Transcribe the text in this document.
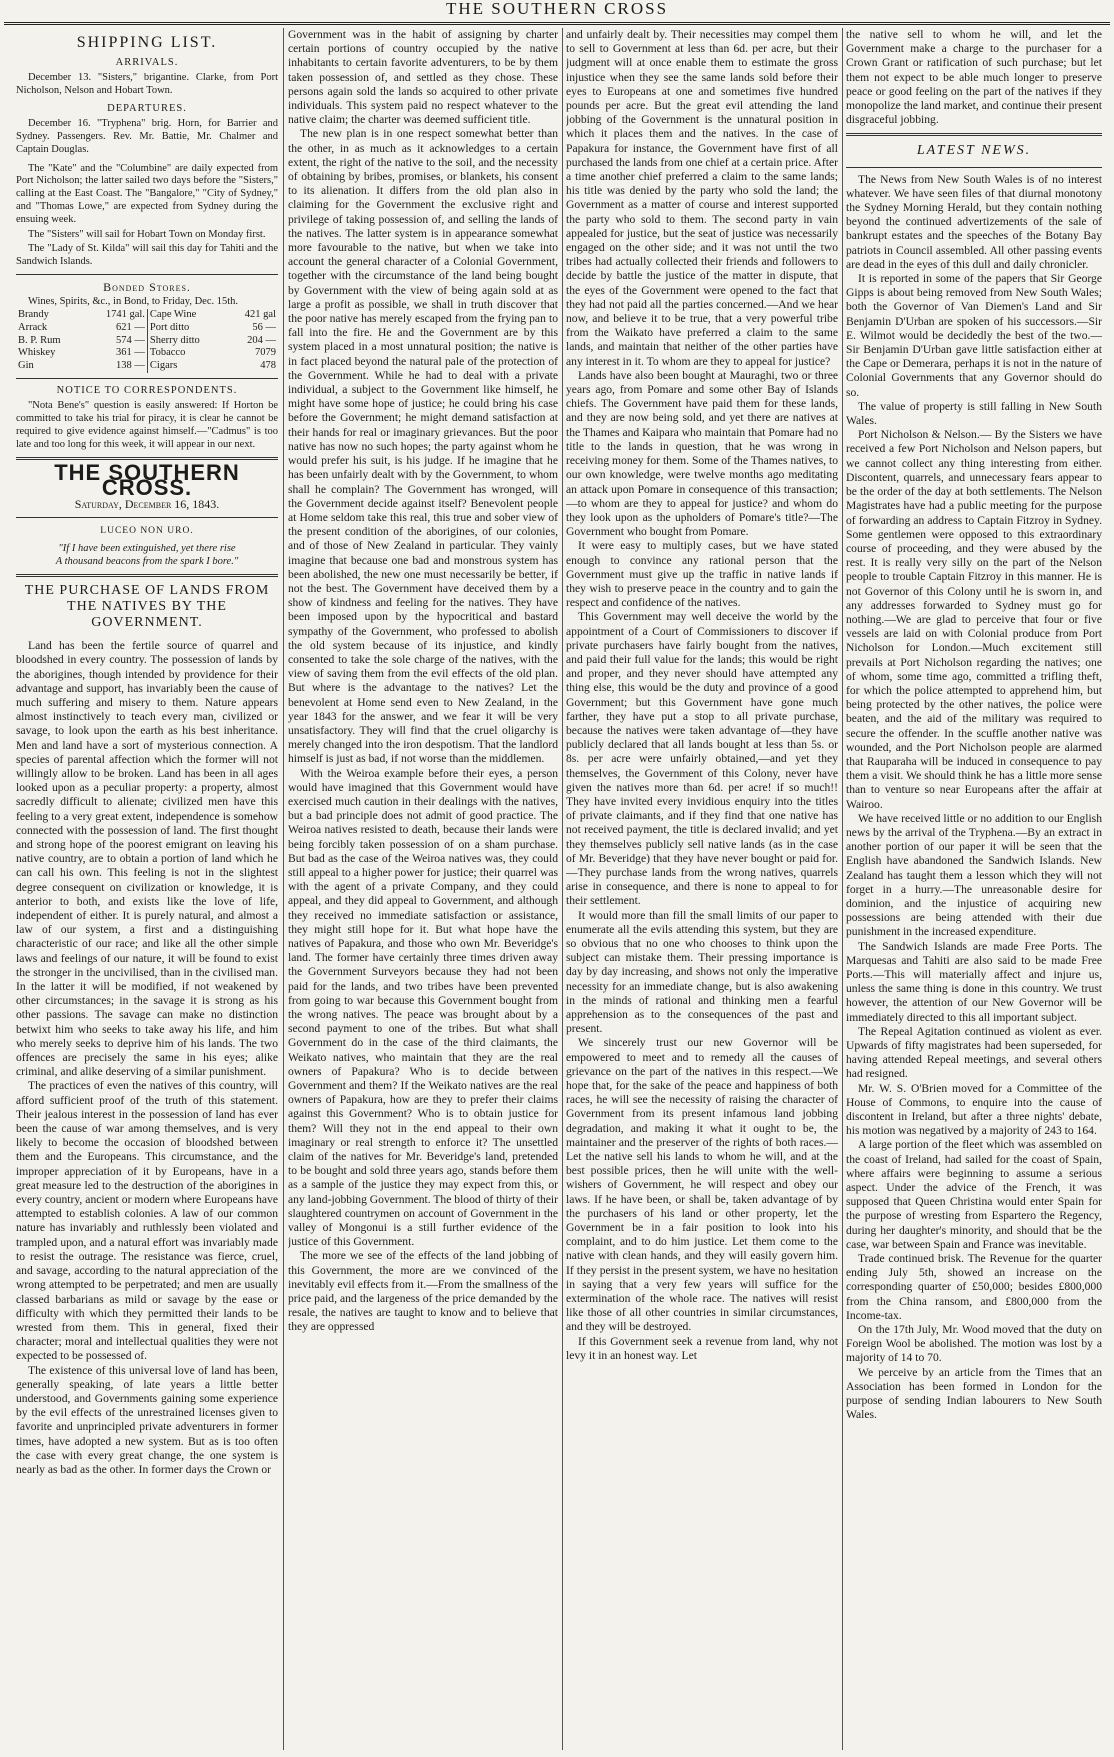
THE SOUTHERN CROSS
SHIPPING LIST.
ARRIVALS.

December 13. "Sisters," brigantine. Clarke, from Port Nicholson, Nelson and Hobart Town.

DEPARTURES.

December 16. "Tryphena" brig. Horn, for Barrier and Sydney. Passengers. Rev. Mr. Battie, Mr. Chalmer and Captain Douglas.

The "Kate" and the "Columbine" are daily expected from Port Nicholson; the latter sailed two days before the "Sisters," calling at the East Coast. The "Bangalore," "City of Sydney," and "Thomas Lowe," are expected from Sydney during the ensuing week.

The "Sisters" will sail for Hobart Town on Monday first.

The "Lady of St. Kilda" will sail this day for Tahiti and the Sandwich Islands.

Bonded Stores.

Wines, Spirits, &c., in Bond, to Friday, Dec. 15th.

Brandy	1741 gal.	Cape Wine	421 gal
Arrack	621 —	Port ditto	56 —
B. P. Rum	574 —	Sherry ditto	204 —
Whiskey	361 —	Tobacco	7079
Gin	138 —	Cigars	478
NOTICE TO CORRESPONDENTS.

"Nota Bene's" question is easily answered: If Horton be committed to take his trial for piracy, it is clear he cannot be required to give evidence against himself.—"Cadmus" is too late and too long for this week, it will appear in our next.

THE SOUTHERN CROSS.
Saturday, December 16, 1843.
LUCEO NON URO.
"If I have been extinguished, yet there rise
A thousand beacons from the spark I bore."
THE PURCHASE OF LANDS FROM THE NATIVES BY THE GOVERNMENT.

Land has been the fertile source of quarrel and bloodshed in every country. The possession of lands by the aborigines, though intended by providence for their advantage and support, has invariably been the cause of much suffering and misery to them. Nature appears almost instinctively to teach every man, civilized or savage, to look upon the earth as his best inheritance. Men and land have a sort of mysterious connection. A species of parental affection which the former will not willingly allow to be broken. Land has been in all ages looked upon as a peculiar property: a property, almost sacredly difficult to alienate; civilized men have this feeling to a very great extent, independence is somehow connected with the possession of land. The first thought and strong hope of the poorest emigrant on leaving his native country, are to obtain a portion of land which he can call his own. This feeling is not in the slightest degree consequent on civilization or knowledge, it is anterior to both, and exists like the love of life, independent of either. It is purely natural, and almost a law of our system, a first and a distinguishing characteristic of our race; and like all the other simple laws and feelings of our nature, it will be found to exist the stronger in the uncivilised, than in the civilised man. In the latter it will be modified, if not weakened by other circumstances; in the savage it is strong as his other passions. The savage can make no distinction betwixt him who seeks to take away his life, and him who merely seeks to deprive him of his lands. The two offences are precisely the same in his eyes; alike criminal, and alike deserving of a similar punishment.

The practices of even the natives of this country, will afford sufficient proof of the truth of this statement. Their jealous interest in the possession of land has ever been the cause of war among themselves, and is very likely to become the occasion of bloodshed between them and the Europeans. This circumstance, and the improper appreciation of it by Europeans, have in a great measure led to the destruction of the aborigines in every country, ancient or modern where Europeans have attempted to establish colonies. A law of our common nature has invariably and ruthlessly been violated and trampled upon, and a natural effort was invariably made to resist the outrage. The resistance was fierce, cruel, and savage, according to the natural appreciation of the wrong attempted to be perpetrated; and men are usually classed barbarians as mild or savage by the ease or difficulty with which they permitted their lands to be wrested from them. This in general, fixed their character; moral and intellectual qualities they were not expected to be possessed of.

The existence of this universal love of land has been, generally speaking, of late years a little better understood, and Governments gaining some experience by the evil effects of the unrestrained licenses given to favorite and unprincipled private adventurers in former times, have adopted a new system. But as is too often the case with every great change, the one system is nearly as bad as the other. In former days the Crown or

Government was in the habit of assigning by charter certain portions of country occupied by the native inhabitants to certain favorite adventurers, to be by them taken possession of, and settled as they chose. These persons again sold the lands so acquired to other private individuals. This system paid no respect whatever to the native claim; the charter was deemed sufficient title.

The new plan is in one respect somewhat better than the other, in as much as it acknowledges to a certain extent, the right of the native to the soil, and the necessity of obtaining by bribes, promises, or blankets, his consent to its alienation. It differs from the old plan also in claiming for the Government the exclusive right and privilege of taking possession of, and selling the lands of the natives. The latter system is in appearance somewhat more favourable to the native, but when we take into account the general character of a Colonial Government, together with the circumstance of the land being bought by Government with the view of being again sold at as large a profit as possible, we shall in truth discover that the poor native has merely escaped from the frying pan to fall into the fire. He and the Government are by this system placed in a most unnatural position; the native is in fact placed beyond the natural pale of the protection of the Government. While he had to deal with a private individual, a subject to the Government like himself, he might have some hope of justice; he could bring his case before the Government; he might demand satisfaction at their hands for real or imaginary grievances. But the poor native has now no such hopes; the party against whom he would prefer his suit, is his judge. If he imagine that he has been unfairly dealt with by the Government, to whom shall he complain? The Government has wronged, will the Government decide against itself? Benevolent people at Home seldom take this real, this true and sober view of the present condition of the aborigines, of our colonies, and of those of New Zealand in particular. They vainly imagine that because one bad and monstrous system has been abolished, the new one must necessarily be better, if not the best. The Government have deceived them by a show of kindness and feeling for the natives. They have been imposed upon by the hypocritical and bastard sympathy of the Government, who professed to abolish the old system because of its injustice, and kindly consented to take the sole charge of the natives, with the view of saving them from the evil effects of the old plan. But where is the advantage to the natives? Let the benevolent at Home send even to New Zealand, in the year 1843 for the answer, and we fear it will be very unsatisfactory. They will find that the cruel oligarchy is merely changed into the iron despotism. That the landlord himself is just as bad, if not worse than the middlemen.

With the Weiroa example before their eyes, a person would have imagined that this Government would have exercised much caution in their dealings with the natives, but a bad principle does not admit of good practice. The Weiroa natives resisted to death, because their lands were being forcibly taken possession of on a sham purchase. But bad as the case of the Weiroa natives was, they could still appeal to a higher power for justice; their quarrel was with the agent of a private Company, and they could appeal, and they did appeal to Government, and although they received no immediate satisfaction or assistance, they might still hope for it. But what hope have the natives of Papakura, and those who own Mr. Beveridge's land. The former have certainly three times driven away the Government Surveyors because they had not been paid for the lands, and two tribes have been prevented from going to war because this Government bought from the wrong natives. The peace was brought about by a second payment to one of the tribes. But what shall Government do in the case of the third claimants, the Weikato natives, who maintain that they are the real owners of Papakura? Who is to decide between Government and them? If the Weikato natives are the real owners of Papakura, how are they to prefer their claims against this Government? Who is to obtain justice for them? Will they not in the end appeal to their own imaginary or real strength to enforce it? The unsettled claim of the natives for Mr. Beveridge's land, pretended to be bought and sold three years ago, stands before them as a sample of the justice they may expect from this, or any land-jobbing Government. The blood of thirty of their slaughtered countrymen on account of Government in the valley of Mongonui is a still further evidence of the justice of this Government.

The more we see of the effects of the land jobbing of this Government, the more are we convinced of the inevitably evil effects from it.—From the smallness of the price paid, and the largeness of the price demanded by the resale, the natives are taught to know and to believe that they are oppressed

and unfairly dealt by. Their necessities may compel them to sell to Government at less than 6d. per acre, but their judgment will at once enable them to estimate the gross injustice when they see the same lands sold before their eyes to Europeans at one and sometimes five hundred pounds per acre. But the great evil attending the land jobbing of the Government is the unnatural position in which it places them and the natives. In the case of Papakura for instance, the Government have first of all purchased the lands from one chief at a certain price. After a time another chief preferred a claim to the same lands; his title was denied by the party who sold the land; the Government as a matter of course and interest supported the party who sold to them. The second party in vain appealed for justice, but the seat of justice was necessarily engaged on the other side; and it was not until the two tribes had actually collected their friends and followers to decide by battle the justice of the matter in dispute, that the eyes of the Government were opened to the fact that they had not paid all the parties concerned.—And we hear now, and believe it to be true, that a very powerful tribe from the Waikato have preferred a claim to the same lands, and maintain that neither of the other parties have any interest in it. To whom are they to appeal for justice?

Lands have also been bought at Mauraghi, two or three years ago, from Pomare and some other Bay of Islands chiefs. The Government have paid them for these lands, and they are now being sold, and yet there are natives at the Thames and Kaipara who maintain that Pomare had no title to the lands in question, that he was wrong in receiving money for them. Some of the Thames natives, to our own knowledge, were twelve months ago meditating an attack upon Pomare in consequence of this transaction;—to whom are they to appeal for justice? and whom do they look upon as the upholders of Pomare's title?—The Government who bought from Pomare.

It were easy to multiply cases, but we have stated enough to convince any rational person that the Government must give up the traffic in native lands if they wish to preserve peace in the country and to gain the respect and confidence of the natives.

This Government may well deceive the world by the appointment of a Court of Commissioners to discover if private purchasers have fairly bought from the natives, and paid their full value for the lands; this would be right and proper, and they never should have attempted any thing else, this would be the duty and province of a good Government; but this Government have gone much farther, they have put a stop to all private purchase, because the natives were taken advantage of—they have publicly declared that all lands bought at less than 5s. or 8s. per acre were unfairly obtained,—and yet they themselves, the Government of this Colony, never have given the natives more than 6d. per acre! if so much!! They have invited every invidious enquiry into the titles of private claimants, and if they find that one native has not received payment, the title is declared invalid; and yet they themselves publicly sell native lands (as in the case of Mr. Beveridge) that they have never bought or paid for.—They purchase lands from the wrong natives, quarrels arise in consequence, and there is none to appeal to for their settlement.

It would more than fill the small limits of our paper to enumerate all the evils attending this system, but they are so obvious that no one who chooses to think upon the subject can mistake them. Their pressing importance is day by day increasing, and shows not only the imperative necessity for an immediate change, but is also awakening in the minds of rational and thinking men a fearful apprehension as to the consequences of the past and present.

We sincerely trust our new Governor will be empowered to meet and to remedy all the causes of grievance on the part of the natives in this respect.—We hope that, for the sake of the peace and happiness of both races, he will see the necessity of raising the character of Government from its present infamous land jobbing degradation, and making it what it ought to be, the maintainer and the preserver of the rights of both races.—Let the native sell his lands to whom he will, and at the best possible prices, then he will unite with the well-wishers of Government, he will respect and obey our laws. If he have been, or shall be, taken advantage of by the purchasers of his land or other property, let the Government be in a fair position to look into his complaint, and to do him justice. Let them come to the native with clean hands, and they will easily govern him. If they persist in the present system, we have no hesitation in saying that a very few years will suffice for the extermination of the whole race. The natives will resist like those of all other countries in similar circumstances, and they will be destroyed.

If this Government seek a revenue from land, why not levy it in an honest way. Let

the native sell to whom he will, and let the Government make a charge to the purchaser for a Crown Grant or ratification of such purchase; but let them not expect to be able much longer to preserve peace or good feeling on the part of the natives if they monopolize the land market, and continue their present disgraceful jobbing.

LATEST NEWS.

The News from New South Wales is of no interest whatever. We have seen files of that diurnal monotony the Sydney Morning Herald, but they contain nothing beyond the continued advertizements of the sale of bankrupt estates and the speeches of the Botany Bay patriots in Council assembled. All other passing events are dead in the eyes of this dull and daily chronicler.

It is reported in some of the papers that Sir George Gipps is about being removed from New South Wales; both the Governor of Van Diemen's Land and Sir Benjamin D'Urban are spoken of his successors.—Sir E. Wilmot would be decidedly the best of the two.—Sir Benjamin D'Urban gave little satisfaction either at the Cape or Demerara, perhaps it is not in the nature of Colonial Governments that any Governor should do so.

The value of property is still falling in New South Wales.

Port Nicholson & Nelson.— By the Sisters we have received a few Port Nicholson and Nelson papers, but we cannot collect any thing interesting from either. Discontent, quarrels, and unnecessary fears appear to be the order of the day at both settlements. The Nelson Magistrates have had a public meeting for the purpose of forwarding an address to Captain Fitzroy in Sydney. Some gentlemen were opposed to this extraordinary course of proceeding, and they were abused by the rest. It is really very silly on the part of the Nelson people to trouble Captain Fitzroy in this manner. He is not Governor of this Colony until he is sworn in, and any addresses forwarded to Sydney must go for nothing.—We are glad to perceive that four or five vessels are laid on with Colonial produce from Port Nicholson for London.—Much excitement still prevails at Port Nicholson regarding the natives; one of whom, some time ago, committed a trifling theft, for which the police attempted to apprehend him, but being protected by the other natives, the police were beaten, and the aid of the military was required to secure the offender. In the scuffle another native was wounded, and the Port Nicholson people are alarmed that Rauparaha will be induced in consequence to pay them a visit. We should think he has a little more sense than to venture so near Europeans after the affair at Wairoo.

We have received little or no addition to our English news by the arrival of the Tryphena.—By an extract in another portion of our paper it will be seen that the English have abandoned the Sandwich Islands. New Zealand has taught them a lesson which they will not forget in a hurry.—The unreasonable desire for dominion, and the injustice of acquiring new possessions are being attended with their due punishment in the increased expenditure.

The Sandwich Islands are made Free Ports. The Marquesas and Tahiti are also said to be made Free Ports.—This will materially affect and injure us, unless the same thing is done in this country. We trust however, the attention of our New Governor will be immediately directed to this all important subject.

The Repeal Agitation continued as violent as ever. Upwards of fifty magistrates had been superseded, for having attended Repeal meetings, and several others had resigned.

Mr. W. S. O'Brien moved for a Committee of the House of Commons, to enquire into the cause of discontent in Ireland, but after a three nights' debate, his motion was negatived by a majority of 243 to 164.

A large portion of the fleet which was assembled on the coast of Ireland, had sailed for the coast of Spain, where affairs were beginning to assume a serious aspect. Under the advice of the French, it was supposed that Queen Christina would enter Spain for the purpose of wresting from Espartero the Regency, during her daughter's minority, and should that be the case, war between Spain and France was inevitable.

Trade continued brisk. The Revenue for the quarter ending July 5th, showed an increase on the corresponding quarter of £50,000; besides £800,000 from the China ransom, and £800,000 from the Income-tax.

On the 17th July, Mr. Wood moved that the duty on Foreign Wool be abolished. The motion was lost by a majority of 14 to 70.

We perceive by an article from the Times that an Association has been formed in London for the purpose of sending Indian labourers to New South Wales.
